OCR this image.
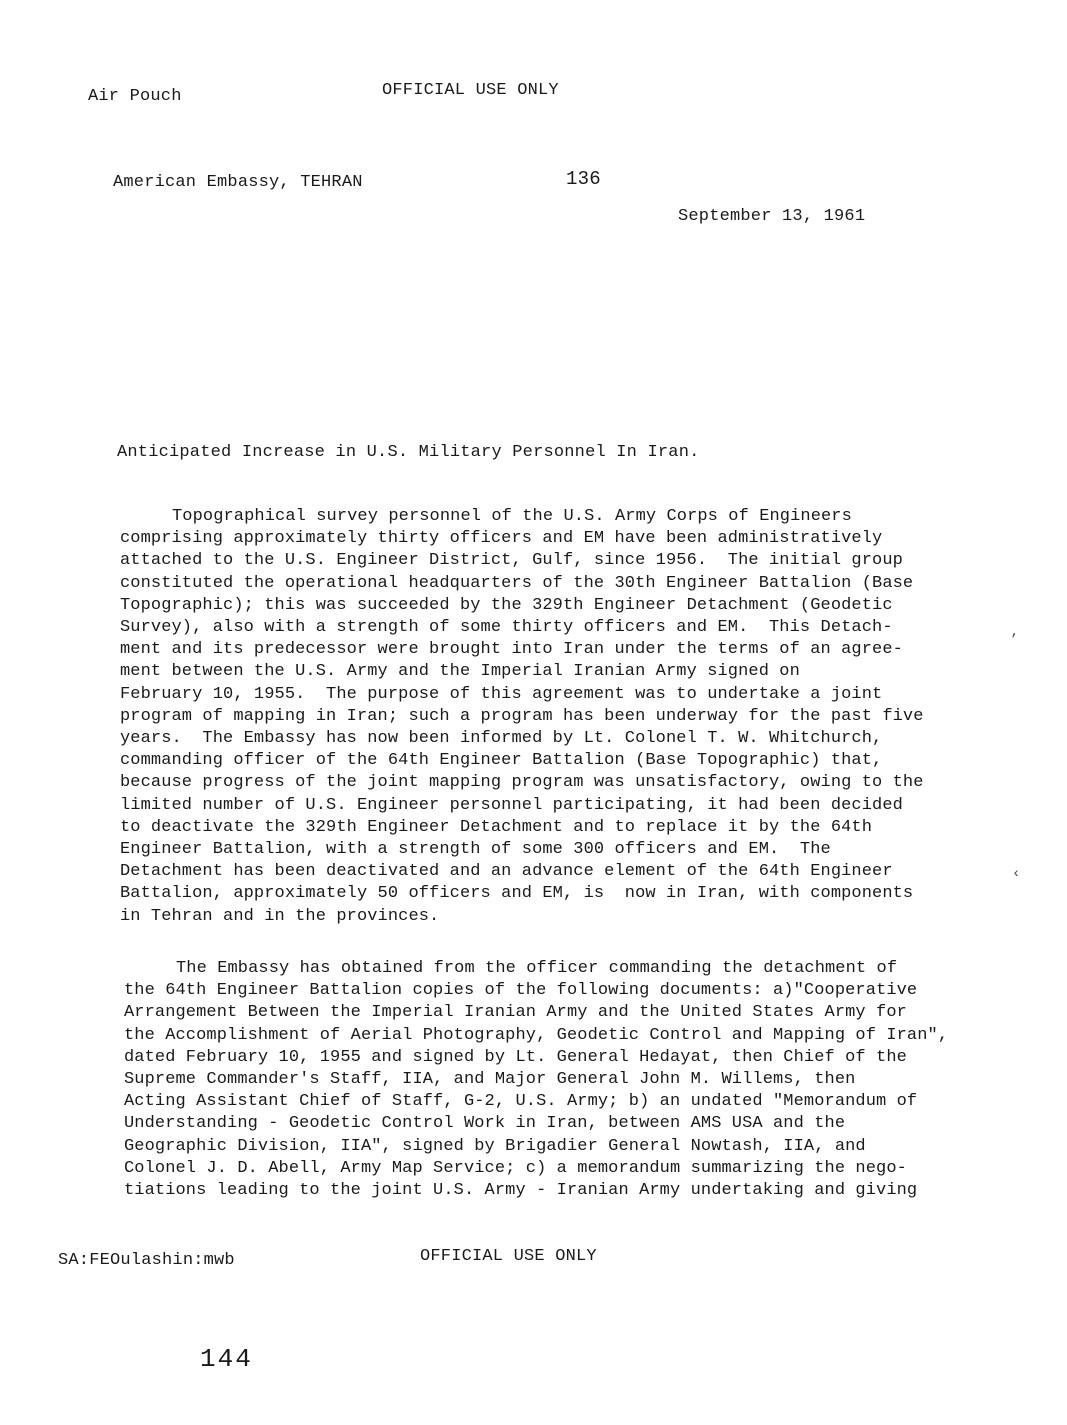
Air Pouch	OFFICIAL USE ONLY
American Embassy, TEHRAN	136
September 13, 1961
Anticipated Increase in U.S. Military Personnel In Iran.
Topographical survey personnel of the U.S. Army Corps of Engineers
comprising approximately thirty officers and EM have been administratively
attached to the U.S. Engineer District, Gulf, since 1956.  The initial group
constituted the operational headquarters of the 30th Engineer Battalion (Base
Topographic); this was succeeded by the 329th Engineer Detachment (Geodetic
Survey), also with a strength of some thirty officers and EM.  This Detach-
ment and its predecessor were brought into Iran under the terms of an agree-
ment between the U.S. Army and the Imperial Iranian Army signed on
February 10, 1955.  The purpose of this agreement was to undertake a joint
program of mapping in Iran; such a program has been underway for the past five
years.  The Embassy has now been informed by Lt. Colonel T. W. Whitchurch,
commanding officer of the 64th Engineer Battalion (Base Topographic) that,
because progress of the joint mapping program was unsatisfactory, owing to the
limited number of U.S. Engineer personnel participating, it had been decided
to deactivate the 329th Engineer Detachment and to replace it by the 64th
Engineer Battalion, with a strength of some 300 officers and EM.  The
Detachment has been deactivated and an advance element of the 64th Engineer
Battalion, approximately 50 officers and EM, is  now in Iran, with components
in Tehran and in the provinces.
‚
‹
The Embassy has obtained from the officer commanding the detachment of
the 64th Engineer Battalion copies of the following documents: a)"Cooperative
Arrangement Between the Imperial Iranian Army and the United States Army for
the Accomplishment of Aerial Photography, Geodetic Control and Mapping of Iran",
dated February 10, 1955 and signed by Lt. General Hedayat, then Chief of the
Supreme Commander's Staff, IIA, and Major General John M. Willems, then
Acting Assistant Chief of Staff, G-2, U.S. Army; b) an undated "Memorandum of
Understanding - Geodetic Control Work in Iran, between AMS USA and the
Geographic Division, IIA", signed by Brigadier General Nowtash, IIA, and
Colonel J. D. Abell, Army Map Service; c) a memorandum summarizing the nego-
tiations leading to the joint U.S. Army - Iranian Army undertaking and giving
SA:FEOulashin:mwb	OFFICIAL USE ONLY
144
